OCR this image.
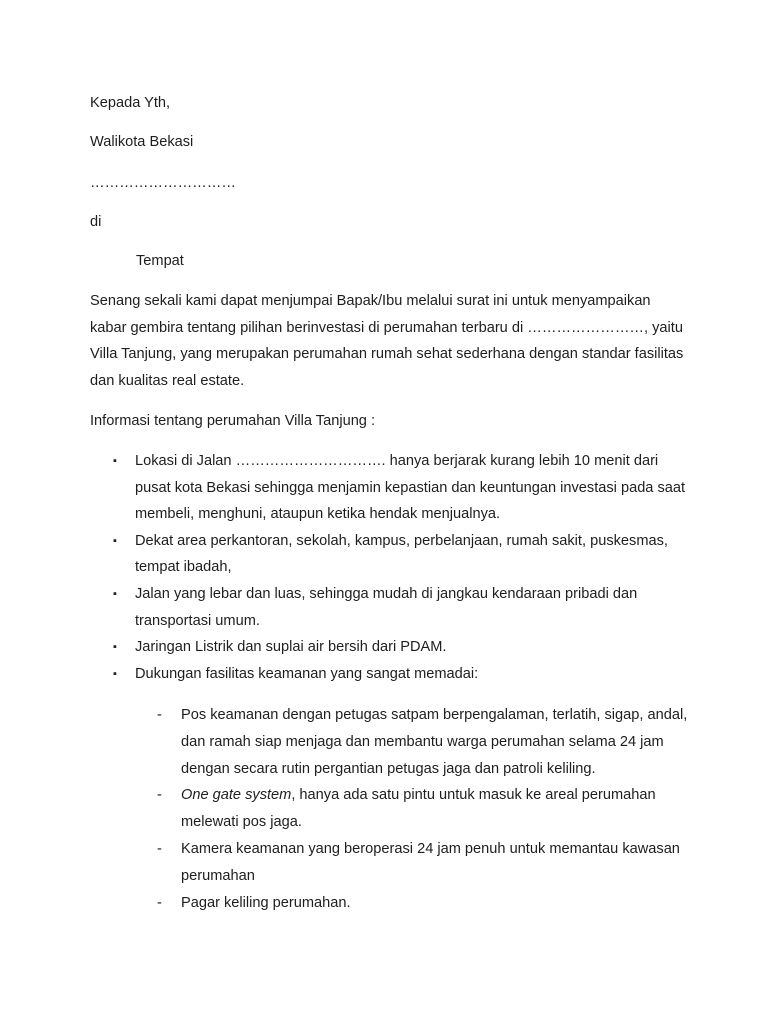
Kepada Yth,
Walikota Bekasi
…………………………
di
Tempat

Senang sekali kami dapat menjumpai Bapak/Ibu melalui surat ini untuk menyampaikan kabar gembira tentang pilihan berinvestasi di perumahan terbaru di ……………………, yaitu Villa Tanjung, yang merupakan perumahan rumah sehat sederhana dengan standar fasilitas dan kualitas real estate.

Informasi tentang perumahan Villa Tanjung :
▪ Lokasi di Jalan …………………………. hanya berjarak kurang lebih 10 menit dari pusat kota Bekasi sehingga menjamin kepastian dan keuntungan investasi pada saat membeli, menghuni, ataupun ketika hendak menjualnya.
▪ Dekat area perkantoran, sekolah, kampus, perbelanjaan, rumah sakit, puskesmas, tempat ibadah,
▪ Jalan yang lebar dan luas, sehingga mudah di jangkau kendaraan pribadi dan transportasi umum.
▪ Jaringan Listrik dan suplai air bersih dari PDAM.
▪ Dukungan fasilitas keamanan yang sangat memadai:
- Pos keamanan dengan petugas satpam berpengalaman, terlatih, sigap, andal, dan ramah siap menjaga dan membantu warga perumahan selama 24 jam dengan secara rutin pergantian petugas jaga dan patroli keliling.
- One gate system, hanya ada satu pintu untuk masuk ke areal perumahan melewati pos jaga.
- Kamera keamanan yang beroperasi 24 jam penuh untuk memantau kawasan perumahan
- Pagar keliling perumahan.
